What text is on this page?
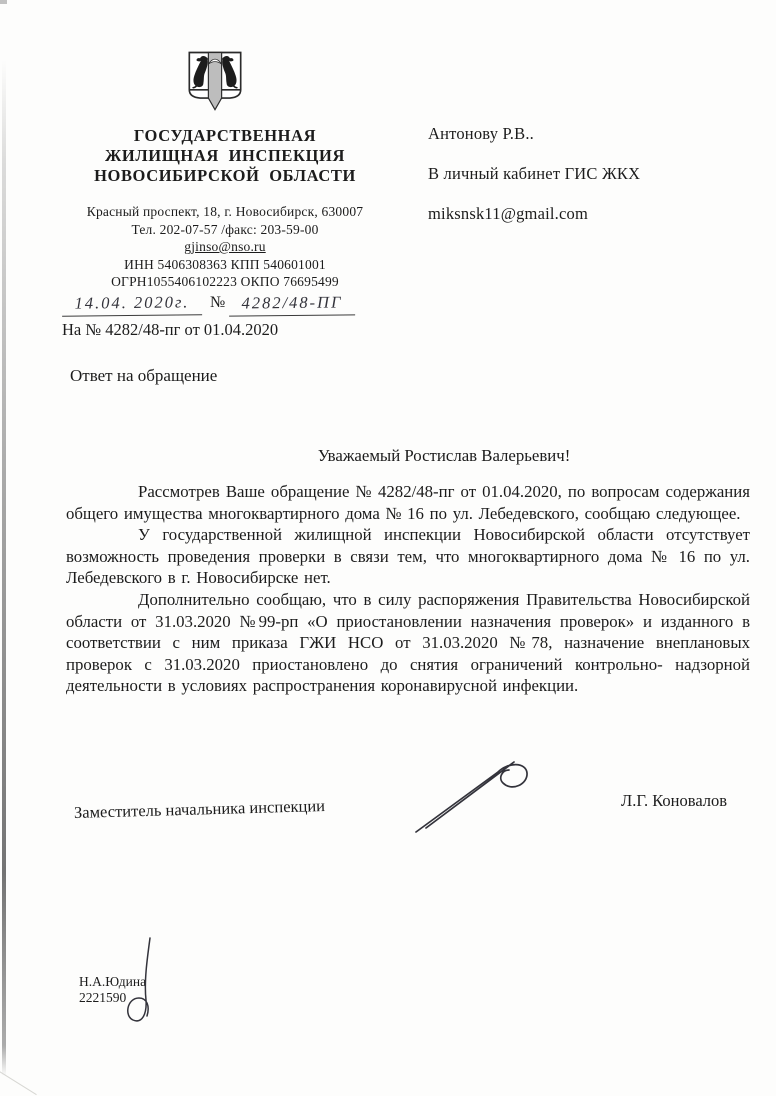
ГОСУДАРСТВЕННАЯ
ЖИЛИЩНАЯ ИНСПЕКЦИЯ
НОВОСИБИРСКОЙ ОБЛАСТИ
Красный проспект, 18, г. Новосибирск, 630007
Тел. 202-07-57 /факс: 203-59-00
gjinso@nso.ru
ИНН 5406308363 КПП 540601001
ОГРН1055406102223 ОКПО 76695499
14.04. 2020г. № 4282/48-ПГ
На № 4282/48-пг от 01.04.2020
Ответ на обращение
Антонову Р.В..
В личный кабинет ГИС ЖКХ
miksnsk11@gmail.com
Уважаемый Ростислав Валерьевич!

Рассмотрев Ваше обращение № 4282/48-пг от 01.04.2020, по вопросам содержания общего имущества многоквартирного дома № 16 по ул. Лебедевского, сообщаю следующее.

У государственной жилищной инспекции Новосибирской области отсутствует возможность проведения проверки в связи тем, что многоквартирного дома № 16 по ул. Лебедевского в г. Новосибирске нет.

Дополнительно сообщаю, что в силу распоряжения Правительства Новосибирской области от 31.03.2020 №99-рп «О приостановлении назначения проверок» и изданного в соответствии с ним приказа ГЖИ НСО от 31.03.2020 №78, назначение внеплановых проверок с 31.03.2020 приостановлено до снятия ограничений контрольно- надзорной деятельности в условиях распространения коронавирусной инфекции.

Заместитель начальника инспекции	Л.Г. Коновалов
Н.А.Юдина
2221590
